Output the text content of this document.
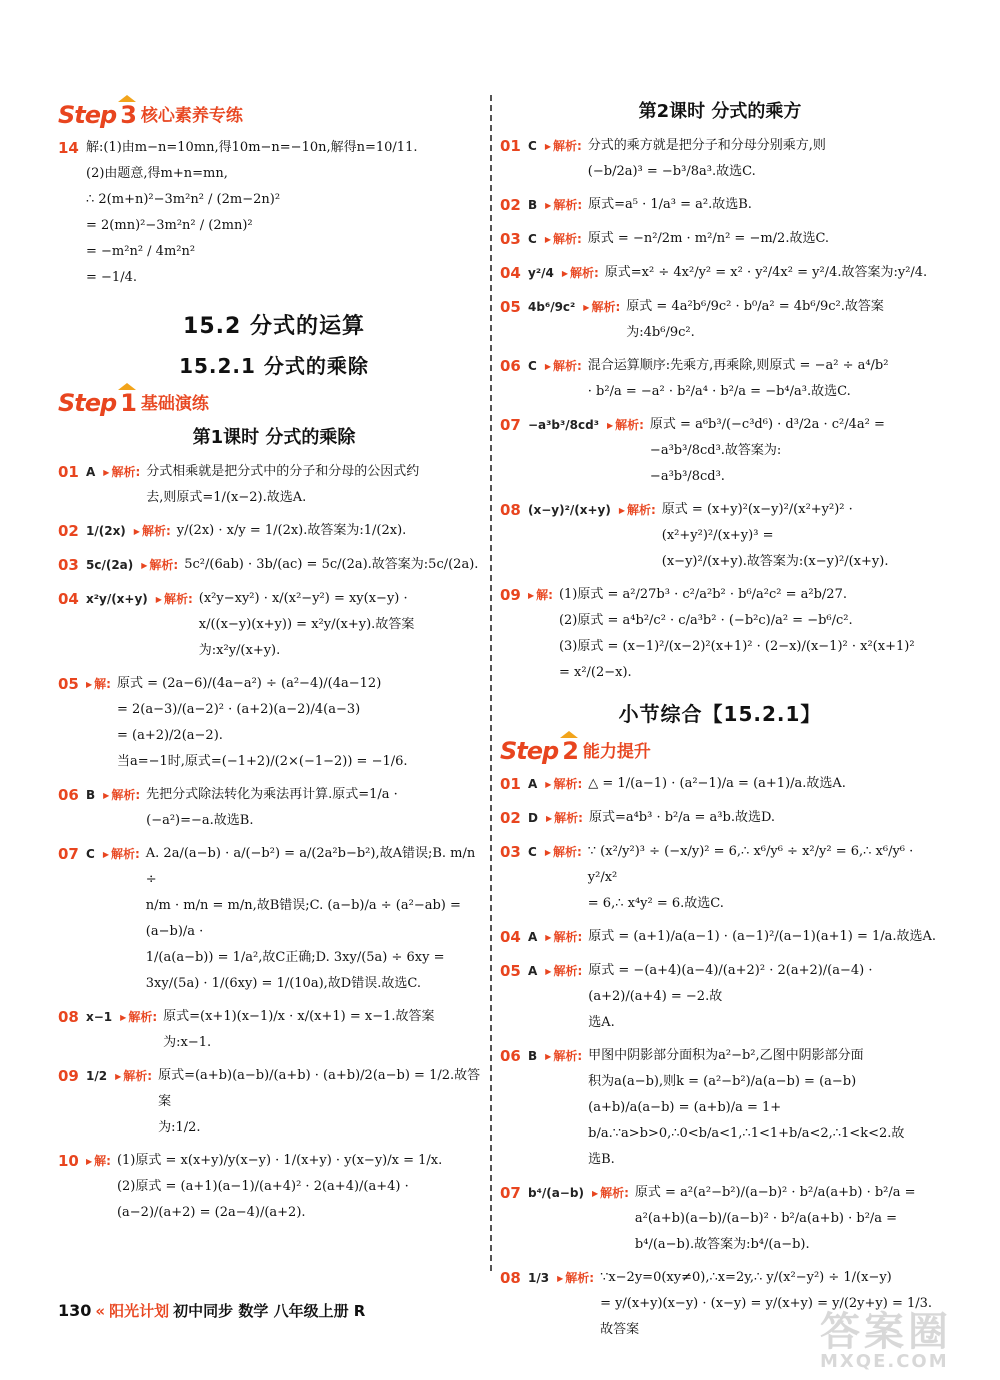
Step 3 核心素养专练
14 解:(1)由m−n=10mn,得10m−n=−10n,解得n=10/11.
(2)由题意,得m+n=mn,
∴ 2(m+n)²−3m²n² / (2m−2n)²
= 2(mn)²−3m²n² / (2mn)²
= −m²n² / 4m²n²
= −1/4.
15.2 分式的运算
15.2.1 分式的乘除
Step 1 基础演练
第1课时 分式的乘除
01 A	▶ 解析: 分式相乘就是把分式中的分子和分母的公因式约
去,则原式=1/(x−2).故选A.
02 1/(2x)	▶ 解析: y/(2x) · x/y = 1/(2x).故答案为:1/(2x).
03 5c/(2a)	▶ 解析: 5c²/(6ab) · 3b/(ac) = 5c/(2a).故答案为:5c/(2a).
04 x²y/(x+y)	▶ 解析: (x²y−xy²) · x/(x²−y²) = xy(x−y) ·
x/((x−y)(x+y)) = x²y/(x+y).故答案为:x²y/(x+y).
05	▶ 解: 原式 = (2a−6)/(4a−a²) ÷ (a²−4)/(4a−12)
= 2(a−3)/(a−2)² · (a+2)(a−2)/4(a−3)
= (a+2)/2(a−2).
当a=−1时,原式=(−1+2)/(2×(−1−2)) = −1/6.
06 B	▶ 解析: 先把分式除法转化为乘法再计算.原式=1/a ·
(−a²)=−a.故选B.
07 C	▶ 解析: A. 2a/(a−b) · a/(−b²) = a/(2a²b−b²),故A错误;B. m/n ÷
n/m · m/n = m/n,故B错误;C. (a−b)/a ÷ (a²−ab) = (a−b)/a ·
1/(a(a−b)) = 1/a²,故C正确;D. 3xy/(5a) ÷ 6xy =
3xy/(5a) · 1/(6xy) = 1/(10a),故D错误.故选C.
08 x−1	▶ 解析: 原式=(x+1)(x−1)/x · x/(x+1) = x−1.故答案
为:x−1.
09 1/2	▶ 解析: 原式=(a+b)(a−b)/(a+b) · (a+b)/2(a−b) = 1/2.故答案
为:1/2.
10	▶ 解: (1)原式 = x(x+y)/y(x−y) · 1/(x+y) · y(x−y)/x = 1/x.
(2)原式 = (a+1)(a−1)/(a+4)² · 2(a+4)/(a+4) · (a−2)/(a+2) = (2a−4)/(a+2).
第2课时 分式的乘方
01 C	▶ 解析: 分式的乘方就是把分子和分母分别乘方,则
(−b/2a)³ = −b³/8a³.故选C.
02 B	▶ 解析: 原式=a⁵ · 1/a³ = a².故选B.
03 C	▶ 解析: 原式 = −n²/2m · m²/n² = −m/2.故选C.
04 y²/4	▶ 解析: 原式=x² ÷ 4x²/y² = x² · y²/4x² = y²/4.故答案为:y²/4.
05 4b⁶/9c²	▶ 解析: 原式 = 4a²b⁶/9c² · b⁰/a² = 4b⁶/9c².故答案为:4b⁶/9c².
06 C	▶ 解析: 混合运算顺序:先乘方,再乘除,则原式 = −a² ÷ a⁴/b²
· b²/a = −a² · b²/a⁴ · b²/a = −b⁴/a³.故选C.
07 −a³b³/8cd³	▶ 解析: 原式 = a⁶b³/(−c³d⁶) · d³/2a · c²/4a² = −a³b³/8cd³.故答案为:
−a³b³/8cd³.
08 (x−y)²/(x+y)	▶ 解析: 原式 = (x+y)²(x−y)²/(x²+y²)² · (x²+y²)²/(x+y)³ =
(x−y)²/(x+y).故答案为:(x−y)²/(x+y).
09	▶ 解: (1)原式 = a²/27b³ · c²/a²b² · b⁶/a²c² = a²b/27.
(2)原式 = a⁴b²/c² · c/a³b² · (−b²c)/a² = −b⁶/c².
(3)原式 = (x−1)²/(x−2)²(x+1)² · (2−x)/(x−1)² · x²(x+1)²
= x²/(2−x).
小节综合【15.2.1】
Step 2 能力提升
01 A	▶ 解析: △ = 1/(a−1) · (a²−1)/a = (a+1)/a.故选A.
02 D	▶ 解析: 原式=a⁴b³ · b²/a = a³b.故选D.
03 C	▶ 解析: ∵ (x²/y²)³ ÷ (−x/y)² = 6,∴ x⁶/y⁶ ÷ x²/y² = 6,∴ x⁶/y⁶ · y²/x²
= 6,∴ x⁴y² = 6.故选C.
04 A	▶ 解析: 原式 = (a+1)/a(a−1) · (a−1)²/(a−1)(a+1) = 1/a.故选A.
05 A	▶ 解析: 原式 = −(a+4)(a−4)/(a+2)² · 2(a+2)/(a−4) · (a+2)/(a+4) = −2.故
选A.
06 B	▶ 解析: 甲图中阴影部分面积为a²−b²,乙图中阴影部分面
积为a(a−b),则k = (a²−b²)/a(a−b) = (a−b)(a+b)/a(a−b) = (a+b)/a = 1+
b/a.∵a>b>0,∴0<b/a<1,∴1<1+b/a<2,∴1<k<2.故
选B.
07 b⁴/(a−b)	▶ 解析: 原式 = a²(a²−b²)/(a−b)² · b²/a(a+b) · b²/a =
a²(a+b)(a−b)/(a−b)² · b²/a(a+b) · b²/a = b⁴/(a−b).故答案为:b⁴/(a−b).
08 1/3	▶ 解析: ∵x−2y=0(xy≠0),∴x=2y,∴ y/(x²−y²) ÷ 1/(x−y)
= y/(x+y)(x−y) · (x−y) = y/(x+y) = y/(2y+y) = 1/3.故答案
130 « 阳光计划 初中同步 数学 八年级上册 R	答案圈
MXQE.COM
